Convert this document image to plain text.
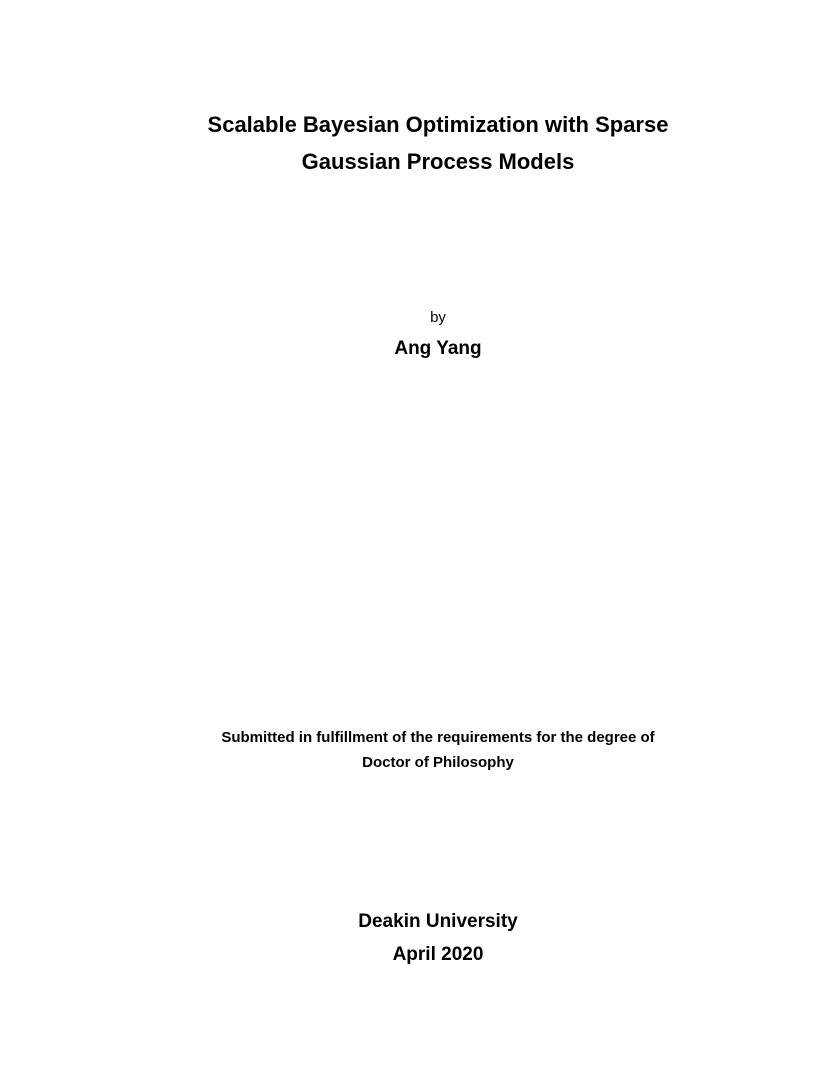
Scalable Bayesian Optimization with Sparse
Gaussian Process Models
by
Ang Yang
Submitted in fulfillment of the requirements for the degree of
Doctor of Philosophy
Deakin University
April 2020
